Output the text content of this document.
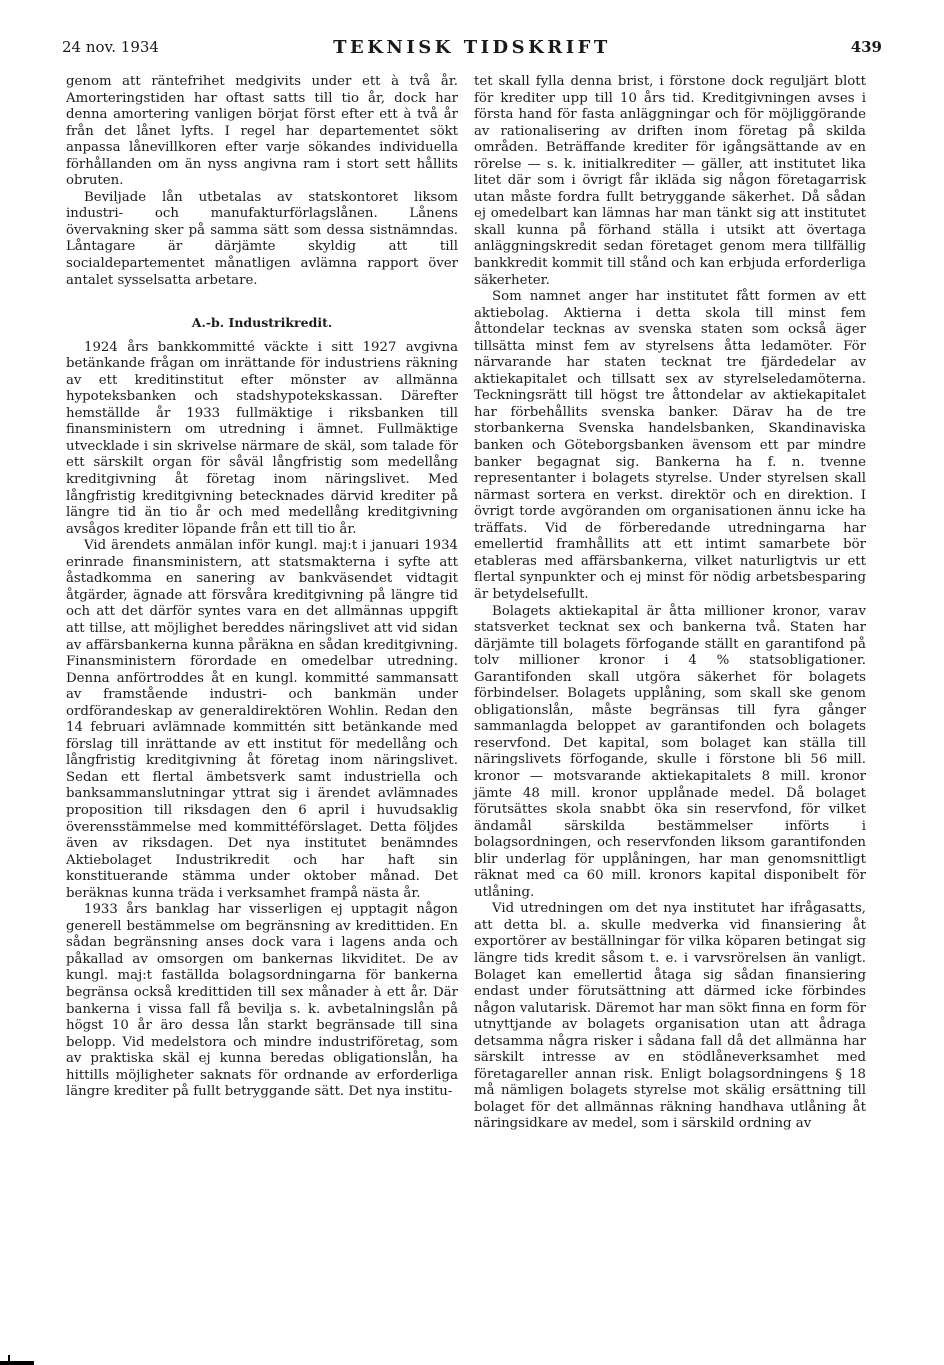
24 nov. 1934	TEKNISK TIDSKRIFT	439

genom att räntefrihet medgivits under ett à två år. Amorteringstiden har oftast satts till tio år, dock har denna amortering vanligen börjat först efter ett à två år från det lånet lyfts. I regel har departementet sökt anpassa lånevillkoren efter varje sökandes individuella förhållanden om än nyss angivna ram i stort sett hållits obruten.

Beviljade lån utbetalas av statskontoret liksom industri- och manufakturförlagslånen. Lånens övervakning sker på samma sätt som dessa sistnämndas. Låntagare är därjämte skyldig att till socialdepartementet månatligen avlämna rapport över antalet sysselsatta arbetare.

A.-b. Industrikredit.

1924 års bankkommitté väckte i sitt 1927 avgivna betänkande frågan om inrättande för industriens räkning av ett kreditinstitut efter mönster av allmänna hypoteksbanken och stadshypotekskassan. Därefter hemställde år 1933 fullmäktige i riksbanken till finansministern om utredning i ämnet. Fullmäktige utvecklade i sin skrivelse närmare de skäl, som talade för ett särskilt organ för såväl långfristig som medellång kreditgivning åt företag inom näringslivet. Med långfristig kreditgivning betecknades därvid krediter på längre tid än tio år och med medellång kreditgivning avsågos krediter löpande från ett till tio år.

Vid ärendets anmälan inför kungl. maj:t i januari 1934 erinrade finansministern, att statsmakterna i syfte att åstadkomma en sanering av bankväsendet vidtagit åtgärder, ägnade att försvåra kreditgivning på längre tid och att det därför syntes vara en det allmännas uppgift att tillse, att möjlighet bereddes näringslivet att vid sidan av affärsbankerna kunna påräkna en sådan kreditgivning. Finansministern förordade en omedelbar utredning. Denna anförtroddes åt en kungl. kommitté sammansatt av framstående industri- och bankmän under ordförandeskap av generaldirektören Wohlin. Redan den 14 februari avlämnade kommittén sitt betänkande med förslag till inrättande av ett institut för medellång och långfristig kreditgivning åt företag inom näringslivet. Sedan ett flertal ämbetsverk samt industriella och banksammanslutningar yttrat sig i ärendet avlämnades proposition till riksdagen den 6 april i huvudsaklig överensstämmelse med kommittéförslaget. Detta följdes även av riksdagen. Det nya institutet benämndes Aktiebolaget Industrikredit och har haft sin konstituerande stämma under oktober månad. Det beräknas kunna träda i verksamhet frampå nästa år.

1933 års banklag har visserligen ej upptagit någon generell bestämmelse om begränsning av kredittiden. En sådan begränsning anses dock vara i lagens anda och påkallad av omsorgen om bankernas likviditet. De av kungl. maj:t faställda bolagsordningarna för bankerna begränsa också kredittiden till sex månader à ett år. Där bankerna i vissa fall få bevilja s. k. avbetalningslån på högst 10 år äro dessa lån starkt begränsade till sina belopp. Vid medelstora och mindre industriföretag, som av praktiska skäl ej kunna beredas obligationslån, ha hittills möjligheter saknats för ordnande av erforderliga längre krediter på fullt betryggande sätt. Det nya institu-

tet skall fylla denna brist, i förstone dock reguljärt blott för krediter upp till 10 års tid. Kreditgivningen avses i första hand för fasta anläggningar och för möjliggörande av rationalisering av driften inom företag på skilda områden. Beträffande krediter för igångsättande av en rörelse — s. k. initialkrediter — gäller, att institutet lika litet där som i övrigt får ikläda sig någon företagarrisk utan måste fordra fullt betryggande säkerhet. Då sådan ej omedelbart kan lämnas har man tänkt sig att institutet skall kunna på förhand ställa i utsikt att övertaga anläggningskredit sedan företaget genom mera tillfällig bankkredit kommit till stånd och kan erbjuda erforderliga säkerheter.

Som namnet anger har institutet fått formen av ett aktiebolag. Aktierna i detta skola till minst fem åttondelar tecknas av svenska staten som också äger tillsätta minst fem av styrelsens åtta ledamöter. För närvarande har staten tecknat tre fjärdedelar av aktiekapitalet och tillsatt sex av styrelseledamöterna. Teckningsrätt till högst tre åttondelar av aktiekapitalet har förbehållits svenska banker. Därav ha de tre storbankerna Svenska handelsbanken, Skandinaviska banken och Göteborgsbanken ävensom ett par mindre banker begagnat sig. Bankerna ha f. n. tvenne representanter i bolagets styrelse. Under styrelsen skall närmast sortera en verkst. direktör och en direktion. I övrigt torde avgöranden om organisationen ännu icke ha träffats. Vid de förberedande utredningarna har emellertid framhållits att ett intimt samarbete bör etableras med affärsbankerna, vilket naturligtvis ur ett flertal synpunkter och ej minst för nödig arbetsbesparing är betydelsefullt.

Bolagets aktiekapital är åtta millioner kronor, varav statsverket tecknat sex och bankerna två. Staten har därjämte till bolagets förfogande ställt en garantifond på tolv millioner kronor i 4 % statsobligationer. Garantifonden skall utgöra säkerhet för bolagets förbindelser. Bolagets upplåning, som skall ske genom obligationslån, måste begränsas till fyra gånger sammanlagda beloppet av garantifonden och bolagets reservfond. Det kapital, som bolaget kan ställa till näringslivets förfogande, skulle i förstone bli 56 mill. kronor — motsvarande aktiekapitalets 8 mill. kronor jämte 48 mill. kronor upplånade medel. Då bolaget förutsättes skola snabbt öka sin reservfond, för vilket ändamål särskilda bestämmelser införts i bolagsordningen, och reservfonden liksom garantifonden blir underlag för upplåningen, har man genomsnittligt räknat med ca 60 mill. kronors kapital disponibelt för utlåning.

Vid utredningen om det nya institutet har ifrågasatts, att detta bl. a. skulle medverka vid finansiering åt exportörer av beställningar för vilka köparen betingat sig längre tids kredit såsom t. e. i varvsrörelsen än vanligt. Bolaget kan emellertid åtaga sig sådan finansiering endast under förutsättning att därmed icke förbindes någon valutarisk. Däremot har man sökt finna en form för utnyttjande av bolagets organisation utan att ådraga detsamma några risker i sådana fall då det allmänna har särskilt intresse av en stödlåneverksamhet med företagareller annan risk. Enligt bolagsordningens § 18 må nämligen bolagets styrelse mot skälig ersättning till bolaget för det allmännas räkning handhava utlåning åt näringsidkare av medel, som i särskild ordning av
